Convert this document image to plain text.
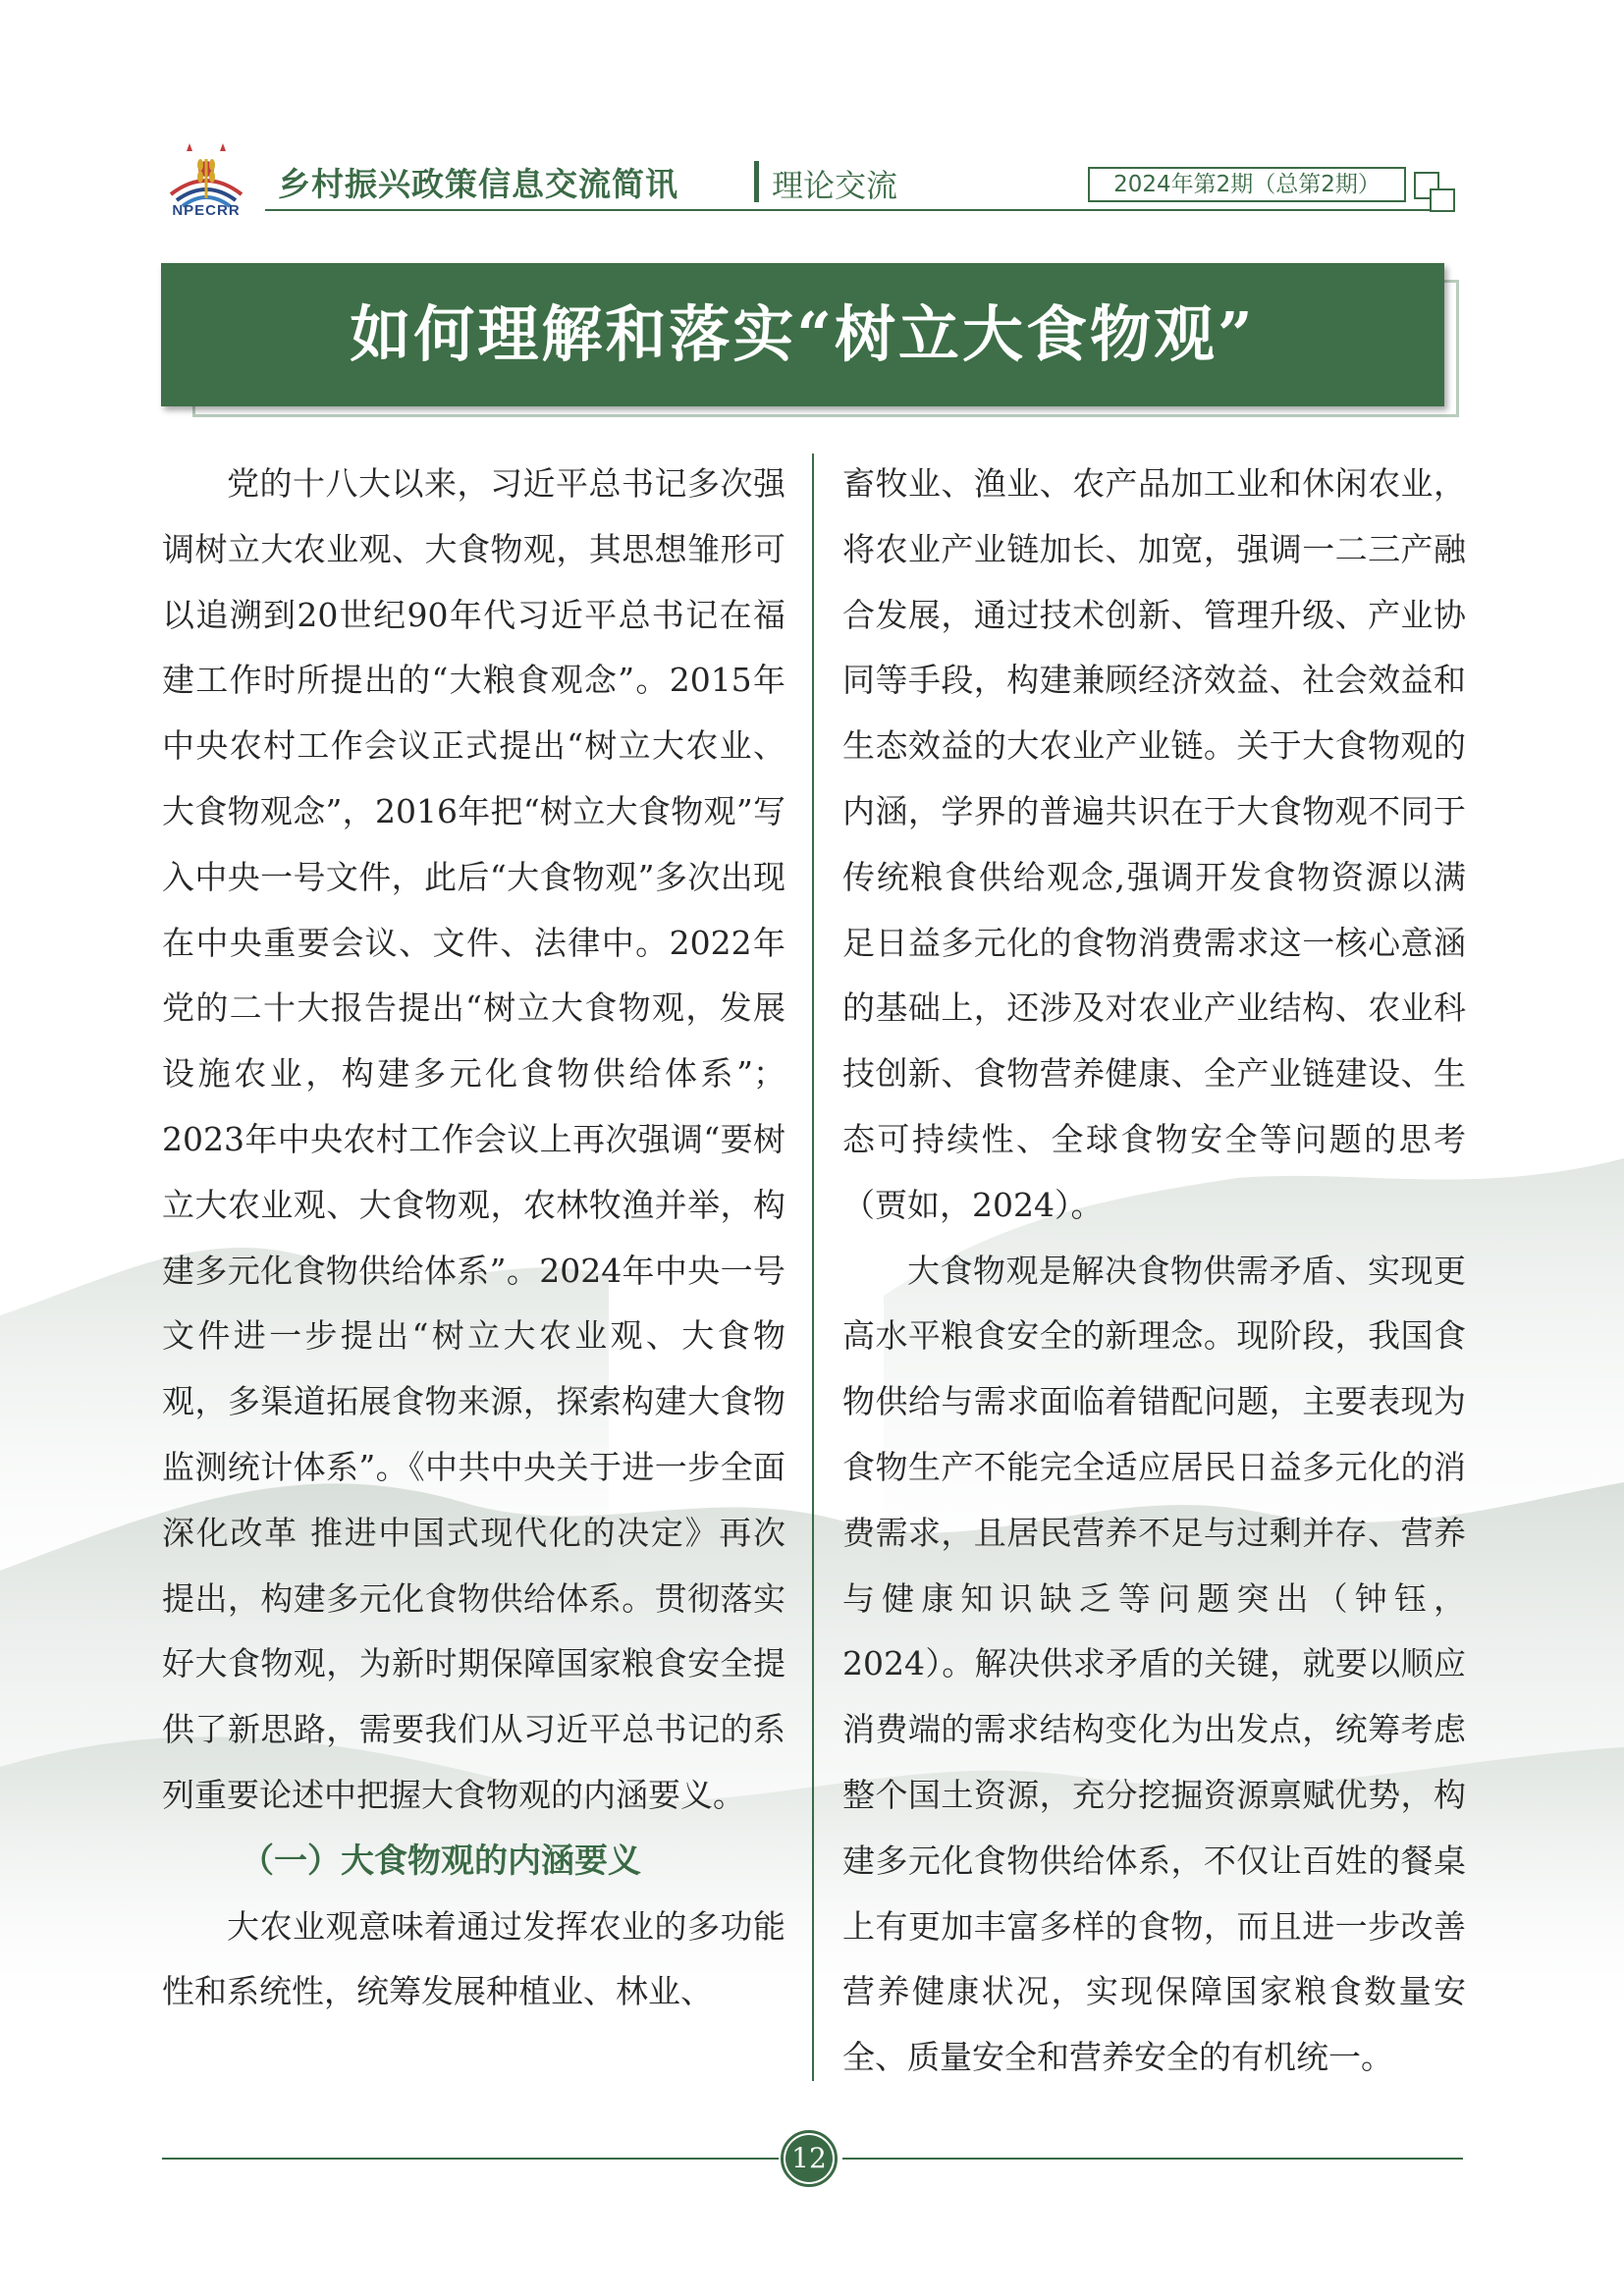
NPECRR
乡村振兴政策信息交流简讯	理论交流	2024年第2期（总第2期）
如何理解和落实“树立大食物观”

党的十八大以来，习近平总书记多次强调树立大农业观、大食物观，其思想雏形可以追溯到20世纪90年代习近平总书记在福建工作时所提出的“大粮食观念”。2015年中央农村工作会议正式提出“树立大农业、大食物观念”，2016年把“树立大食物观”写入中央一号文件，此后“大食物观”多次出现在中央重要会议、文件、法律中。2022年党的二十大报告提出“树立大食物观，发展设施农业，构建多元化食物供给体系”；2023年中央农村工作会议上再次强调“要树立大农业观、大食物观，农林牧渔并举，构建多元化食物供给体系”。2024年中央一号文件进一步提出“树立大农业观、大食物观，多渠道拓展食物来源，探索构建大食物监测统计体系”。《中共中央关于进一步全面深化改革 推进中国式现代化的决定》再次提出，构建多元化食物供给体系。贯彻落实好大食物观，为新时期保障国家粮食安全提供了新思路，需要我们从习近平总书记的系列重要论述中把握大食物观的内涵要义。

（一）大食物观的内涵要义

大农业观意味着通过发挥农业的多功能性和系统性，统筹发展种植业、林业、

畜牧业、渔业、农产品加工业和休闲农业，将农业产业链加长、加宽，强调一二三产融合发展，通过技术创新、管理升级、产业协同等手段，构建兼顾经济效益、社会效益和生态效益的大农业产业链。关于大食物观的内涵，学界的普遍共识在于大食物观不同于传统粮食供给观念,强调开发食物资源以满足日益多元化的食物消费需求这一核心意涵的基础上，还涉及对农业产业结构、农业科技创新、食物营养健康、全产业链建设、生态可持续性、全球食物安全等问题的思考（贾如，2024）。

大食物观是解决食物供需矛盾、实现更高水平粮食安全的新理念。现阶段，我国食物供给与需求面临着错配问题，主要表现为食物生产不能完全适应居民日益多元化的消费需求，且居民营养不足与过剩并存、营养与健康知识缺乏等问题突出（钟钰，2024）。解决供求矛盾的关键，就要以顺应消费端的需求结构变化为出发点，统筹考虑整个国土资源，充分挖掘资源禀赋优势，构建多元化食物供给体系，不仅让百姓的餐桌上有更加丰富多样的食物，而且进一步改善营养健康状况，实现保障国家粮食数量安全、质量安全和营养安全的有机统一。

12
